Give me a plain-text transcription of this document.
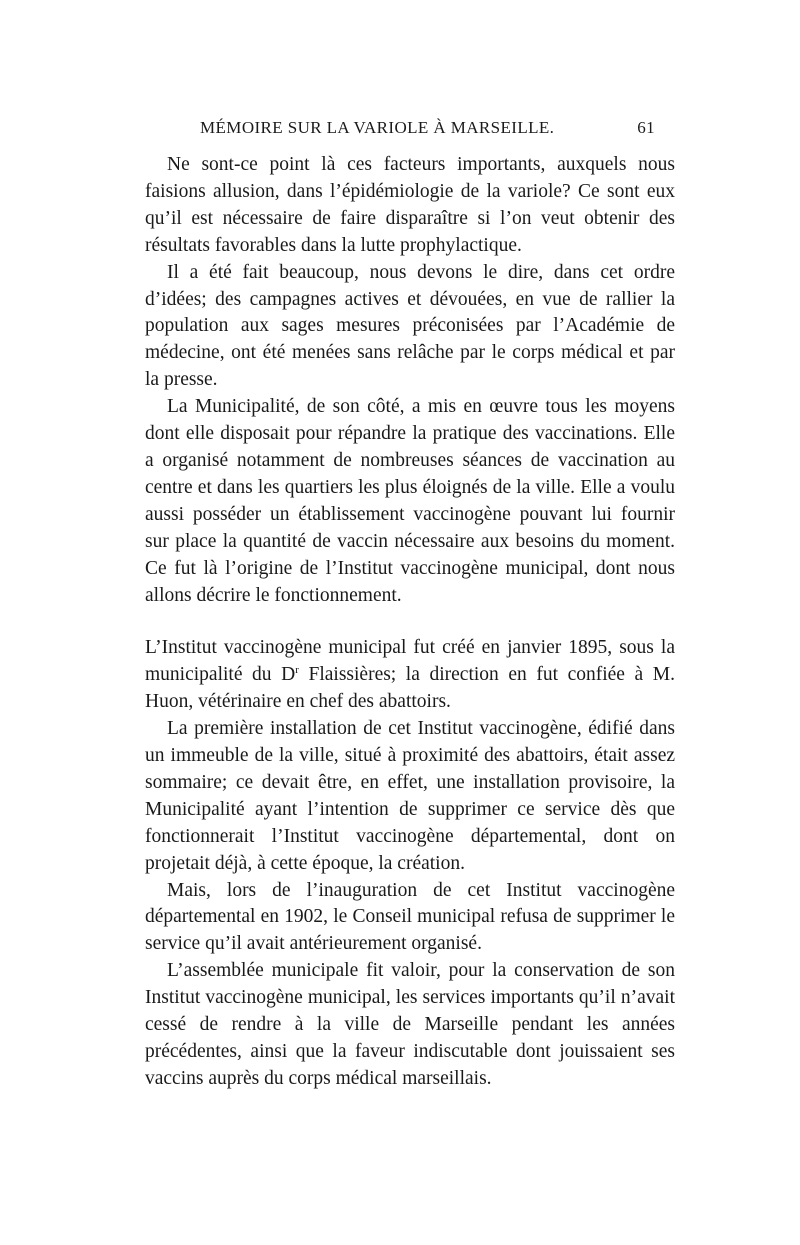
MÉMOIRE SUR LA VARIOLE À MARSEILLE.	61

Ne sont-ce point là ces facteurs importants, auxquels nous faisions allusion, dans l’épidémiologie de la variole? Ce sont eux qu’il est nécessaire de faire disparaître si l’on veut obtenir des résultats favorables dans la lutte prophylactique.

Il a été fait beaucoup, nous devons le dire, dans cet ordre d’idées; des campagnes actives et dévouées, en vue de rallier la population aux sages mesures préconisées par l’Académie de médecine, ont été menées sans relâche par le corps médical et par la presse.

La Municipalité, de son côté, a mis en œuvre tous les moyens dont elle disposait pour répandre la pratique des vaccinations. Elle a organisé notamment de nombreuses séances de vaccination au centre et dans les quartiers les plus éloignés de la ville. Elle a voulu aussi posséder un établissement vaccinogène pouvant lui fournir sur place la quantité de vaccin nécessaire aux besoins du moment. Ce fut là l’origine de l’Institut vaccinogène municipal, dont nous allons décrire le fonctionnement.

L’Institut vaccinogène municipal fut créé en janvier 1895, sous la municipalité du $D^r$ Flaissières; la direction en fut confiée à M. Huon, vétérinaire en chef des abattoirs.

La première installation de cet Institut vaccinogène, édifié dans un immeuble de la ville, situé à proximité des abattoirs, était assez sommaire; ce devait être, en effet, une installation provisoire, la Municipalité ayant l’intention de supprimer ce service dès que fonctionnerait l’Institut vaccinogène départemental, dont on projetait déjà, à cette époque, la création.

Mais, lors de l’inauguration de cet Institut vaccinogène départemental en 1902, le Conseil municipal refusa de supprimer le service qu’il avait antérieurement organisé.

L’assemblée municipale fit valoir, pour la conservation de son Institut vaccinogène municipal, les services importants qu’il n’avait cessé de rendre à la ville de Marseille pendant les années précédentes, ainsi que la faveur indiscutable dont jouissaient ses vaccins auprès du corps médical marseillais.
